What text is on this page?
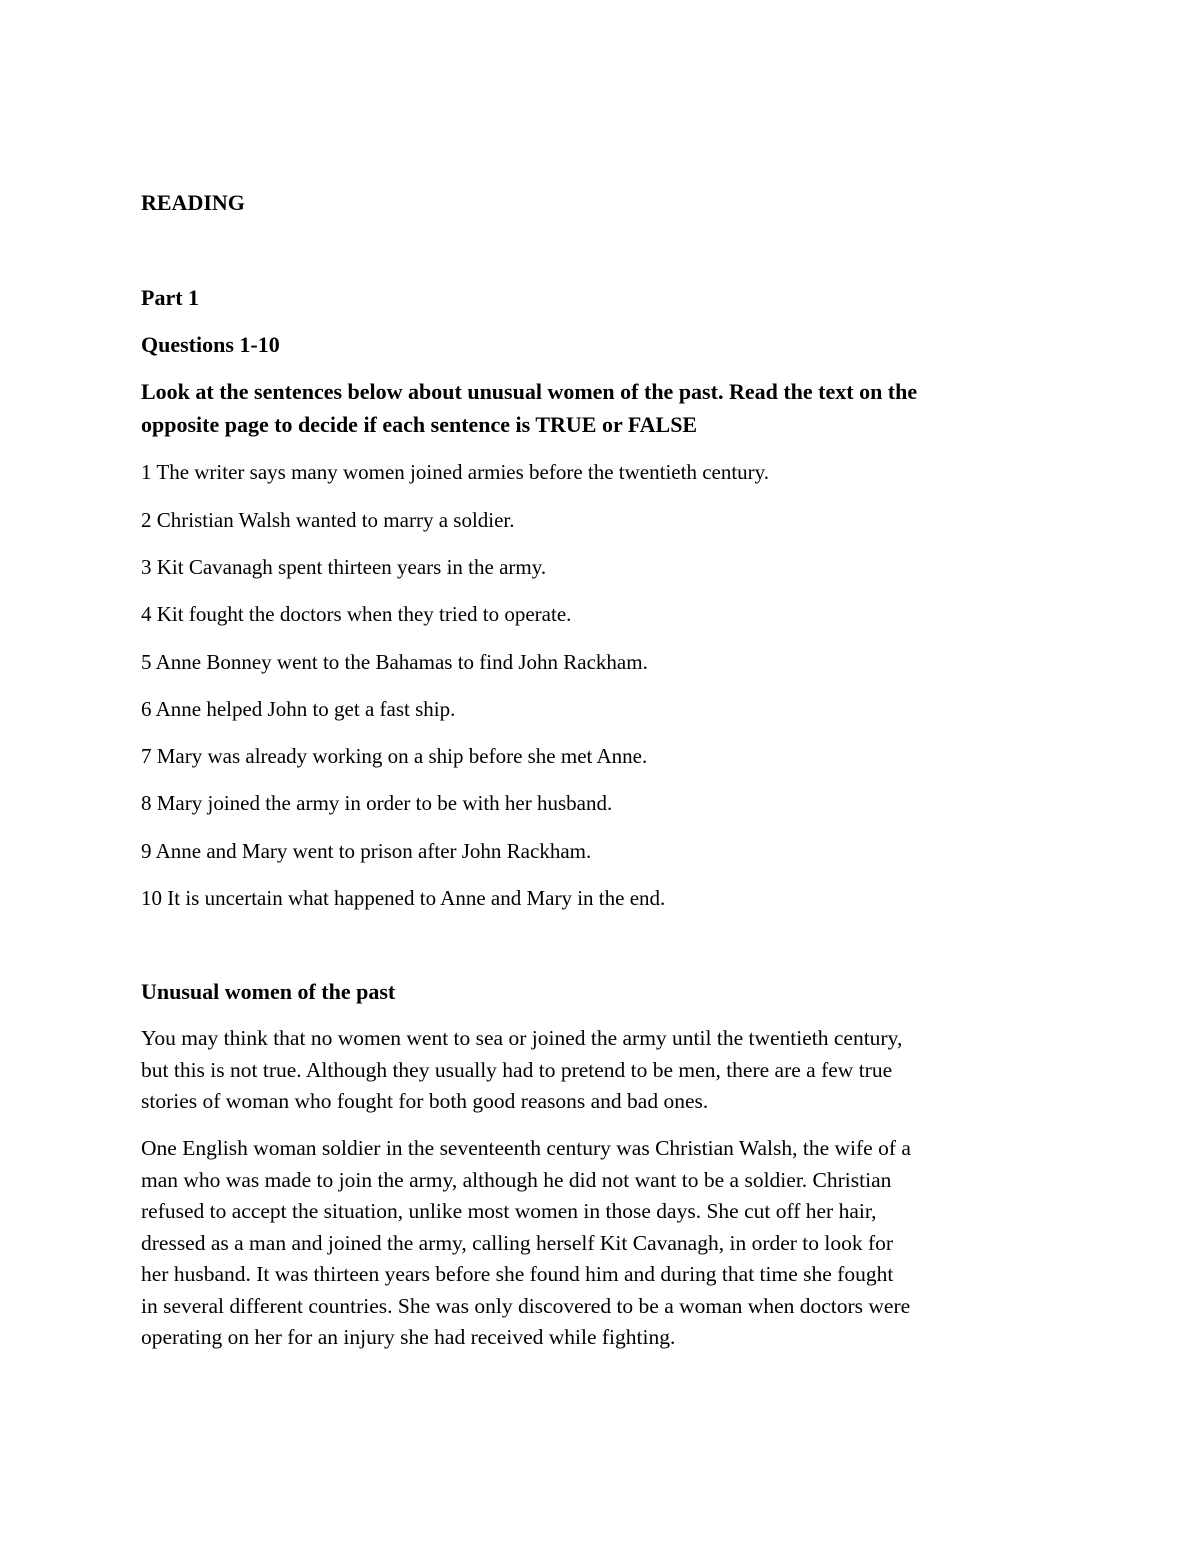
READING

Part 1

Questions 1-10

Look at the sentences below about unusual women of the past. Read the text on the

opposite page to decide if each sentence is TRUE or FALSE

1 The writer says many women joined armies before the twentieth century.

2 Christian Walsh wanted to marry a soldier.

3 Kit Cavanagh spent thirteen years in the army.

4 Kit fought the doctors when they tried to operate.

5 Anne Bonney went to the Bahamas to find John Rackham.

6 Anne helped John to get a fast ship.

7 Mary was already working on a ship before she met Anne.

8 Mary joined the army in order to be with her husband.

9 Anne and Mary went to prison after John Rackham.

10 It is uncertain what happened to Anne and Mary in the end.

Unusual women of the past

You may think that no women went to sea or joined the army until the twentieth century,
but this is not true. Although they usually had to pretend to be men, there are a few true
stories of woman who fought for both good reasons and bad ones.

One English woman soldier in the seventeenth century was Christian Walsh, the wife of a
man who was made to join the army, although he did not want to be a soldier. Christian
refused to accept the situation, unlike most women in those days. She cut off her hair,
dressed as a man and joined the army, calling herself Kit Cavanagh, in order to look for
her husband. It was thirteen years before she found him and during that time she fought
in several different countries. She was only discovered to be a woman when doctors were
operating on her for an injury she had received while fighting.
